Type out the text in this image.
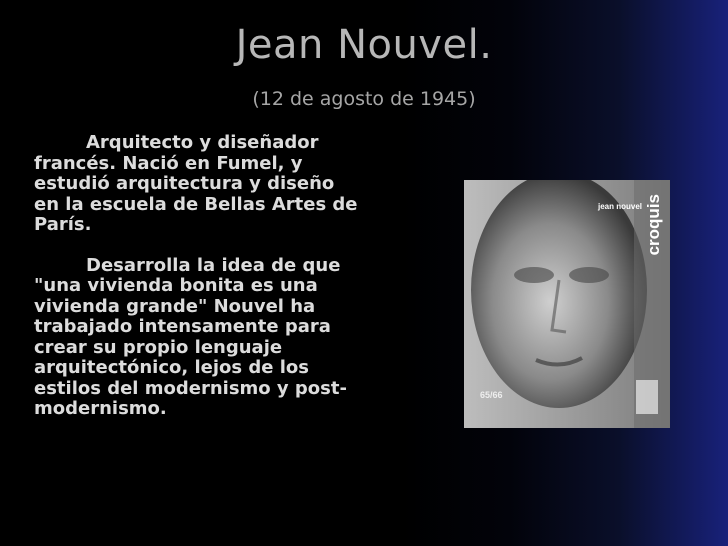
Jean Nouvel.
(12 de agosto de 1945)

Arquitecto y diseñador
francés. Nació en Fumel, y
estudió arquitectura y diseño
en la escuela de Bellas Artes de
París.

Desarrolla la idea de que
"una vivienda bonita es una
vivienda grande" Nouvel ha
trabajado intensamente para
crear su propio lenguaje
arquitectónico, lejos de los
estilos del modernismo y post-
modernismo.

jean nouvel croquis
65/66
